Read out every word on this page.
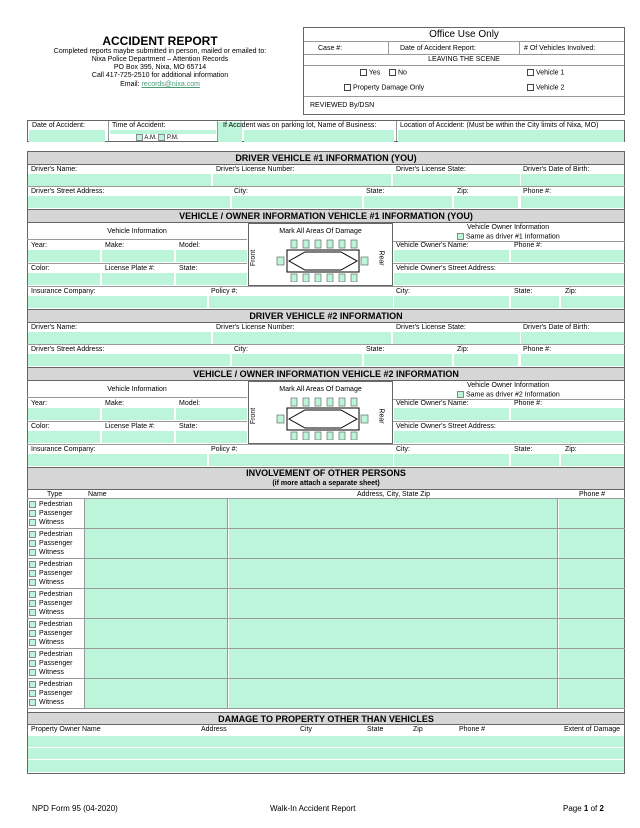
ACCIDENT REPORT
Completed reports maybe submitted in person, mailed or emailed to:
Nixa Police Department – Attention Records
PO Box 395, Nixa, MO 65714
Call 417-725-2510 for additional information
Email: records@nixa.com
Office Use Only
Case #:	Date of Accident Report:	# Of Vehicles Involved:
LEAVING THE SCENE
Yes	No	Vehicle 1
Property Damage Only	Vehicle 2
REVIEWED By/DSN
Date of Accident:	Time of Accident:
A.M. P.M.
If Accident was on parking lot, Name of Business:	Location of Accident: (Must be within the City limits of Nixa, MO)
DRIVER VEHICLE #1 INFORMATION (YOU)
Driver's Name:	Driver's License Number:	Driver's License State:	Driver's Date of Birth:
Driver's Street Address:	City:	State:	Zip:	Phone #:
VEHICLE / OWNER INFORMATION VEHICLE #1 INFORMATION (YOU)
Vehicle Information
Year:	Make:	Model:
Color:	License Plate #:	State:
Mark All Areas Of Damage
Front	Rear
Vehicle Owner Information
Same as driver #1 Information
Vehicle Owner's Name:	Phone #:
Vehicle Owner's Street Address:
Insurance Company:	Policy #:	City:	State:	Zip:
DRIVER VEHICLE #2 INFORMATION
Driver's Name:	Driver's License Number:	Driver's License State:	Driver's Date of Birth:
Driver's Street Address:	City:	State:	Zip:	Phone #:
VEHICLE / OWNER INFORMATION VEHICLE #2 INFORMATION
Vehicle Information
Year:	Make:	Model:
Color:	License Plate #:	State:
Mark All Areas Of Damage
Front	Rear
Vehicle Owner Information
Same as driver #2 Information
Vehicle Owner's Name:	Phone #:
Vehicle Owner's Street Address:
Insurance Company:	Policy #:	City:	State:	Zip:
INVOLVEMENT OF OTHER PERSONS
(if more attach a separate sheet)
Type	Name	Address, City, State Zip	Phone #
Pedestrian
Passenger
Witness
Pedestrian
Passenger
Witness
Pedestrian
Passenger
Witness
Pedestrian
Passenger
Witness
Pedestrian
Passenger
Witness
Pedestrian
Passenger
Witness
Pedestrian
Passenger
Witness
DAMAGE TO PROPERTY OTHER THAN VEHICLES
Property Owner Name	Address	City	State	Zip	Phone #	Extent of Damage
NPD Form 95 (04-2020)	Walk-In Accident Report	Page 1 of 2
